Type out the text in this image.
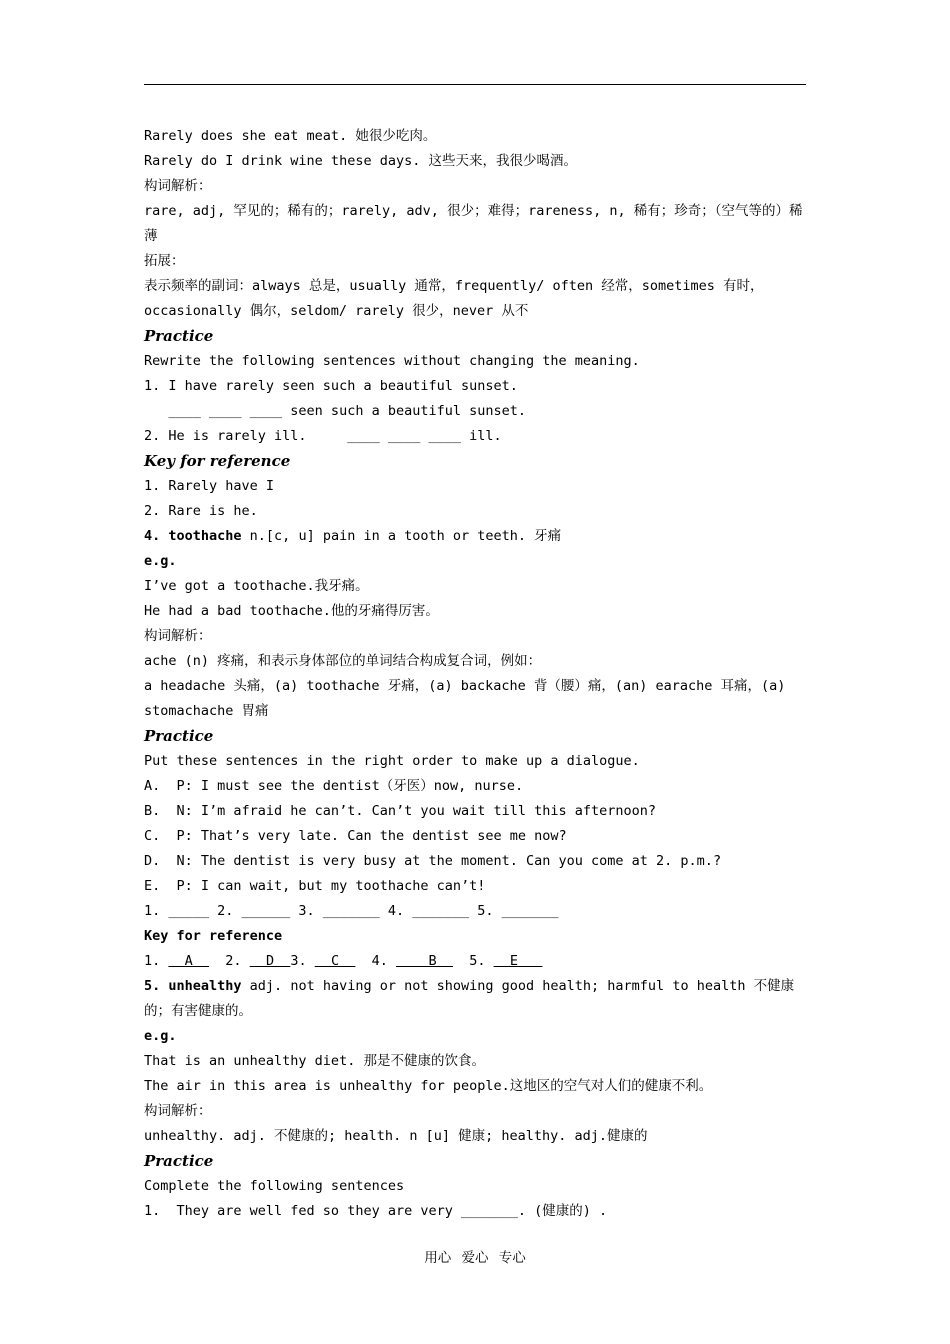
Rarely does she eat meat. 她很少吃肉。
Rarely do I drink wine these days. 这些天来，我很少喝酒。
构词解析：
rare, adj, 罕见的；稀有的；rarely, adv, 很少；难得；rareness, n, 稀有；珍奇；（空气等的）稀薄
拓展：
表示频率的副词：always 总是，usually 通常，frequently/ often 经常，sometimes 有时，occasionally 偶尔，seldom/ rarely 很少，never 从不
Practice
Rewrite the following sentences without changing the meaning.
1. I have rarely seen such a beautiful sunset.
____ ____ ____ seen such a beautiful sunset.
2. He is rarely ill.     ____ ____ ____ ill.
Key for reference
1. Rarely have I
2. Rare is he.
4. toothache n.[c, u] pain in a tooth or teeth. 牙痛
e.g.
I’ve got a toothache.我牙痛。
He had a bad toothache.他的牙痛得厉害。
构词解析：
ache (n) 疼痛，和表示身体部位的单词结合构成复合词，例如：
a headache 头痛，(a) toothache 牙痛，(a) backache 背（腰）痛，(an) earache 耳痛，(a) stomachache 胃痛
Practice
Put these sentences in the right order to make up a dialogue.
A.  P: I must see the dentist（牙医）now, nurse.
B.  N: I’m afraid he can’t. Can’t you wait till this afternoon?
C.  P: That’s very late. Can the dentist see me now?
D.  N: The dentist is very busy at the moment. Can you come at 2. p.m.?
E.  P: I can wait, but my toothache can’t!
1. _____ 2. ______ 3. _______ 4. _______ 5. _______
Key for reference
1.   A    2.   D  3.   C    4.     B    5.   E
5. unhealthy adj. not having or not showing good health; harmful to health 不健康的；有害健康的。
e.g.
That is an unhealthy diet. 那是不健康的饮食。
The air in this area is unhealthy for people.这地区的空气对人们的健康不利。
构词解析：
unhealthy. adj. 不健康的; health. n [u] 健康; healthy. adj.健康的
Practice
Complete the following sentences
1.  They are well fed so they are very _______. (健康的) .
用心 爱心 专心
